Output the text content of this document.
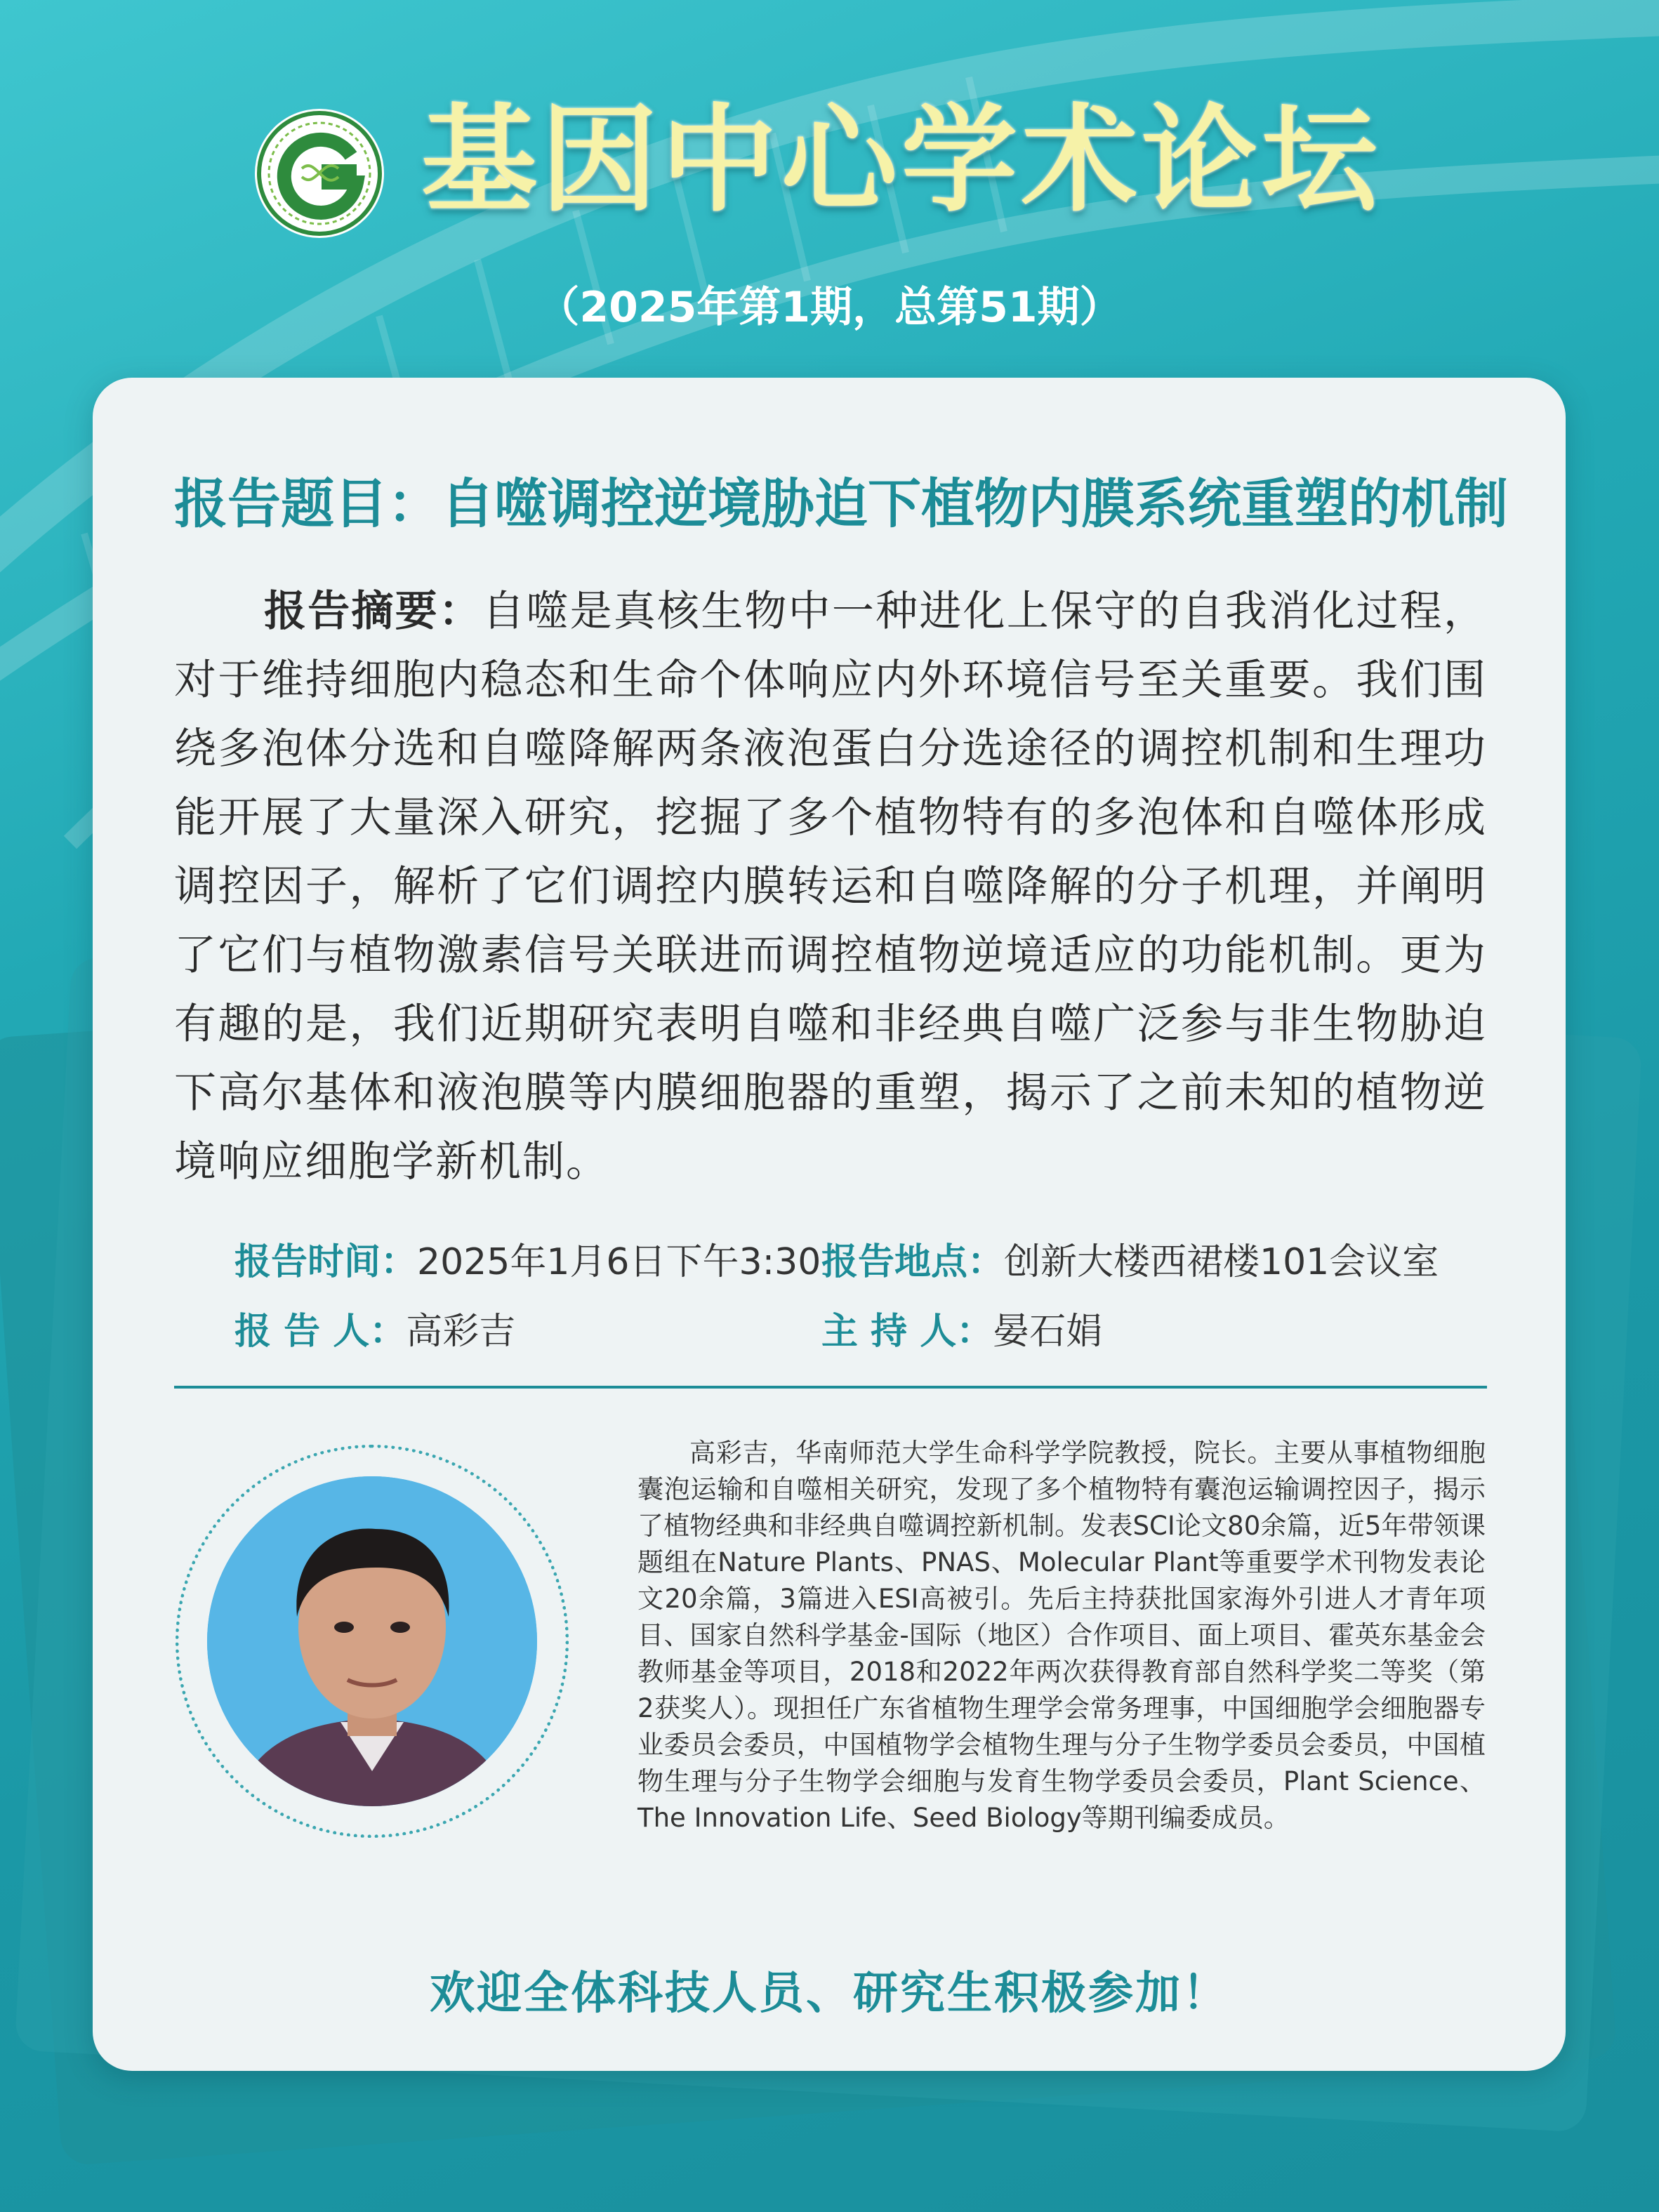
基因中心学术论坛
（2025年第1期，总第51期）
报告题目：自噬调控逆境胁迫下植物内膜系统重塑的机制
报告摘要：自噬是真核生物中一种进化上保守的自我消化过程，对于维持细胞内稳态和生命个体响应内外环境信号至关重要。我们围绕多泡体分选和自噬降解两条液泡蛋白分选途径的调控机制和生理功能开展了大量深入研究，挖掘了多个植物特有的多泡体和自噬体形成调控因子，解析了它们调控内膜转运和自噬降解的分子机理，并阐明了它们与植物激素信号关联进而调控植物逆境适应的功能机制。更为有趣的是，我们近期研究表明自噬和非经典自噬广泛参与非生物胁迫下高尔基体和液泡膜等内膜细胞器的重塑，揭示了之前未知的植物逆境响应细胞学新机制。
报告时间：2025年1月6日下午3:30 报告地点：创新大楼西裙楼101会议室
报 告 人：高彩吉	主 持 人：晏石娟
高彩吉，华南师范大学生命科学学院教授，院长。主要从事植物细胞囊泡运输和自噬相关研究，发现了多个植物特有囊泡运输调控因子，揭示了植物经典和非经典自噬调控新机制。发表SCI论文80余篇，近5年带领课题组在Nature Plants、PNAS、Molecular Plant等重要学术刊物发表论文20余篇，3篇进入ESI高被引。先后主持获批国家海外引进人才青年项目、国家自然科学基金-国际（地区）合作项目、面上项目、霍英东基金会教师基金等项目，2018和2022年两次获得教育部自然科学奖二等奖（第2获奖人）。现担任广东省植物生理学会常务理事，中国细胞学会细胞器专业委员会委员，中国植物学会植物生理与分子生物学委员会委员，中国植物生理与分子生物学会细胞与发育生物学委员会委员，Plant Science、The Innovation Life、Seed Biology等期刊编委成员。
欢迎全体科技人员、研究生积极参加！
